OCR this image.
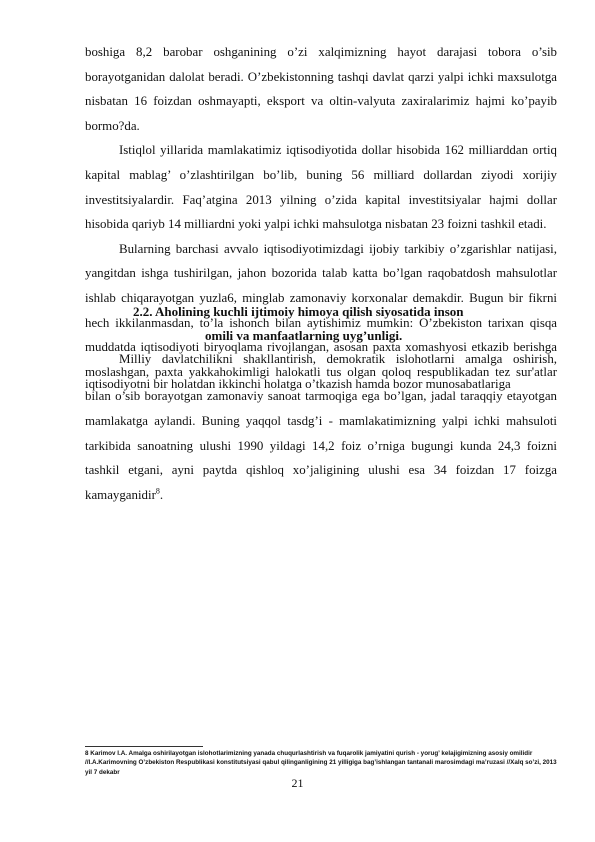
boshiga 8,2 barobar oshganining o’zi xalqimizning hayot darajasi tobora o’sib borayotganidan dalolat beradi. O’zbekistonning tashqi davlat qarzi yalpi ichki maxsulotga nisbatan 16 foizdan oshmayapti, eksport va oltin-valyuta zaxiralarimiz hajmi ko’payib bormo?da.

Istiqlol yillarida mamlakatimiz iqtisodiyotida dollar hisobida 162 milliarddan ortiq kapital mablag’ o’zlashtirilgan bo’lib, buning 56 milliard dollardan ziyodi xorijiy investitsiyalardir. Faq’atgina 2013 yilning o’zida kapital investitsiyalar hajmi dollar hisobida qariyb 14 milliardni yoki yalpi ichki mahsulotga nisbatan 23 foizni tashkil etadi.

Bularning barchasi avvalo iqtisodiyotimizdagi ijobiy tarkibiy o’zgarishlar natijasi, yangitdan ishga tushirilgan, jahon bozorida talab katta bo’lgan raqobatdosh mahsulotlar ishlab chiqarayotgan yuzla6, minglab zamonaviy korxonalar demakdir. Bugun bir fikrni hech ikkilanmasdan, to’la ishonch bilan aytishimiz mumkin: O’zbekiston tarixan qisqa muddatda iqtisodiyoti biryoqlama rivojlangan, asosan paxta xomashyosi etkazib berishga moslashgan, paxta yakkahokimligi halokatli tus olgan qoloq respublikadan tez sur'atlar bilan o’sib borayotgan zamonaviy sanoat tarmoqiga ega bo’lgan, jadal taraqqiy etayotgan mamlakatga aylandi. Buning yaqqol tasdg’i - mamlakatimizning yalpi ichki mahsuloti tarkibida sanoatning ulushi 1990 yildagi 14,2 foiz o’rniga bugungi kunda 24,3 foizni tashkil etgani, ayni paytda qishloq xo’jaligining ulushi esa 34 foizdan 17 foizga kamayganidir$^8$.

2.2. Aholining kuchli ijtimoiy himoya qilish siyosatida inson
omili va manfaatlarning uyg’unligi.

Milliy davlatchilikni shakllantirish, demokratik islohotlarni amalga oshirish, iqtisodiyotni bir holatdan ikkinchi holatga o’tkazish hamda bozor munosabatlariga

8 Karimov I.A. Amalga oshirilayotgan islohotlarimizning yanada chuqurlashtirish va fuqarolik jamiyatini qurish - yorug’ kelajigimizning asosiy omilidir //I.A.Karimovning O’zbekiston Respublikasi konstitutsiyasi qabul qilinganligining 21 yilligiga bag’ishlangan tantanali marosimdagi ma’ruzasi //Xalq so’zi, 2013 yil 7 dekabr
21
